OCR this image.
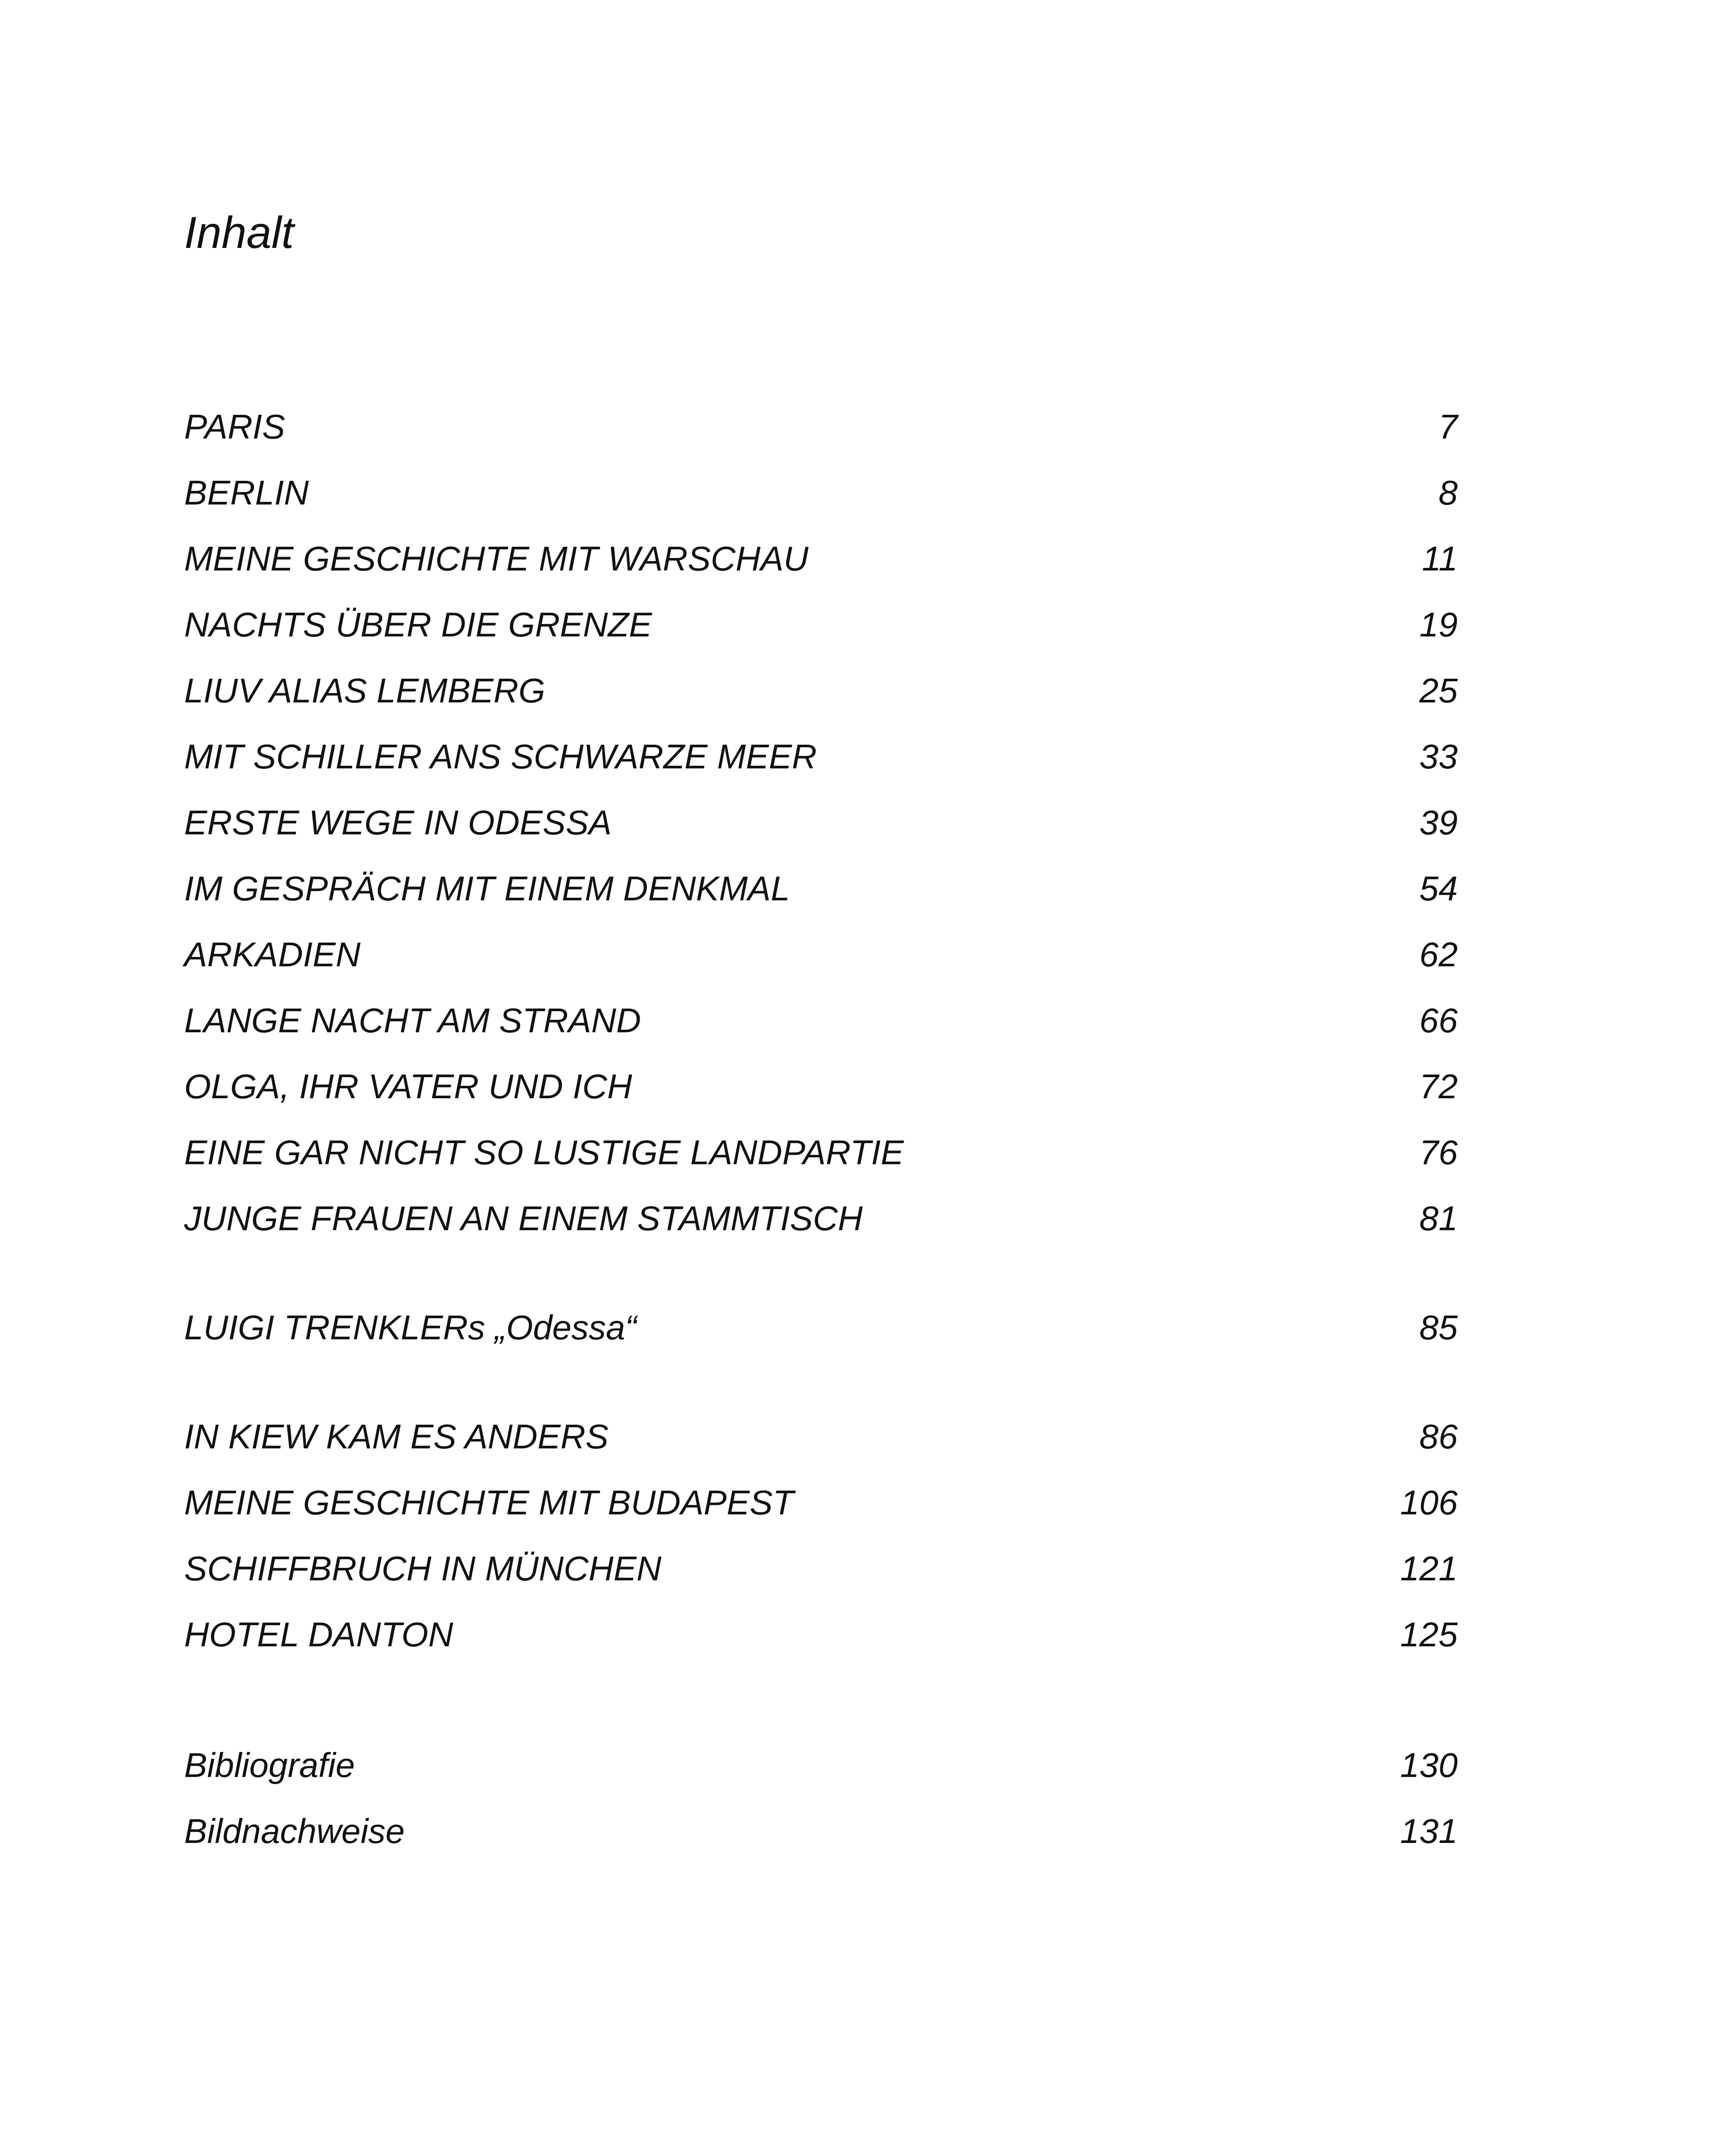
Inhalt
PARIS	7
BERLIN	8
MEINE GESCHICHTE MIT WARSCHAU	11
NACHTS ÜBER DIE GRENZE	19
LIUV ALIAS LEMBERG	25
MIT SCHILLER ANS SCHWARZE MEER	33
ERSTE WEGE IN ODESSA	39
IM GESPRÄCH MIT EINEM DENKMAL	54
ARKADIEN	62
LANGE NACHT AM STRAND	66
OLGA, IHR VATER UND ICH	72
EINE GAR NICHT SO LUSTIGE LANDPARTIE	76
JUNGE FRAUEN AN EINEM STAMMTISCH	81
LUIGI TRENKLERs „Odessa“	85
IN KIEW KAM ES ANDERS	86
MEINE GESCHICHTE MIT BUDAPEST	106
SCHIFFBRUCH IN MÜNCHEN	121
HOTEL DANTON	125
Bibliografie	130
Bildnachweise	131
